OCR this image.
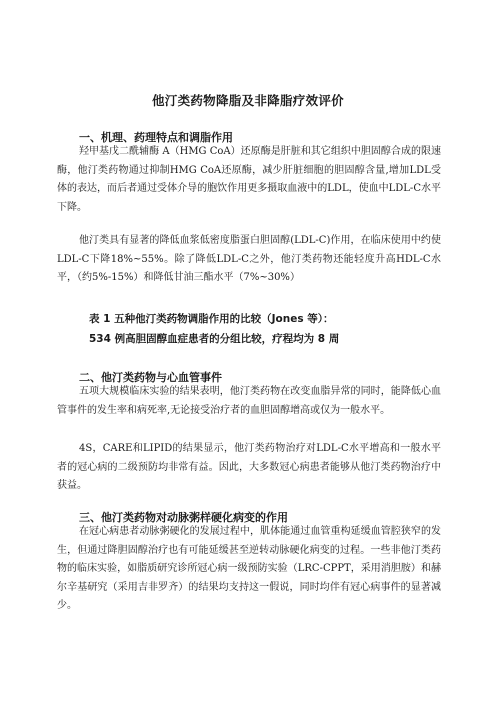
他汀类药物降脂及非降脂疗效评价
一、机理、药理特点和调脂作用

羟甲基戊二酰辅酶 A（HMG CoA）还原酶是肝脏和其它组织中胆固醇合成的限速酶，他汀类药物通过抑制HMG CoA还原酶，减少肝脏细胞的胆固醇含量,增加LDL受体的表达，而后者通过受体介导的胞饮作用更多摄取血液中的LDL，使血中LDL-C水平下降。

他汀类具有显著的降低血浆低密度脂蛋白胆固醇(LDL-C)作用，在临床使用中约使LDL-C下降18%~55%。除了降低LDL-C之外，他汀类药物还能轻度升高HDL-C水平，（约5%-15%）和降低甘油三酯水平（7%~30%）

表 1 五种他汀类药物调脂作用的比较（Jones 等）：
534 例高胆固醇血症患者的分组比较，疗程均为 8 周
二、他汀类药物与心血管事件

五项大规模临床实验的结果表明，他汀类药物在改变血脂异常的同时，能降低心血管事件的发生率和病死率,无论接受治疗者的血胆固醇增高或仅为一般水平。

4S，CARE和LIPID的结果显示，他汀类药物治疗对LDL-C水平增高和一般水平者的冠心病的二级预防均非常有益。因此，大多数冠心病患者能够从他汀类药物治疗中获益。

三、他汀类药物对动脉粥样硬化病变的作用

在冠心病患者动脉粥硬化的发展过程中，肌体能通过血管重构延缓血管腔狭窄的发生，但通过降胆固醇治疗也有可能延缓甚至逆转动脉硬化病变的过程。一些非他汀类药物的临床实验，如脂质研究诊所冠心病一级预防实验（LRC-CPPT，采用消胆胺）和赫尔辛基研究（采用吉非罗齐）的结果均支持这一假说，同时均伴有冠心病事件的显著减少。
